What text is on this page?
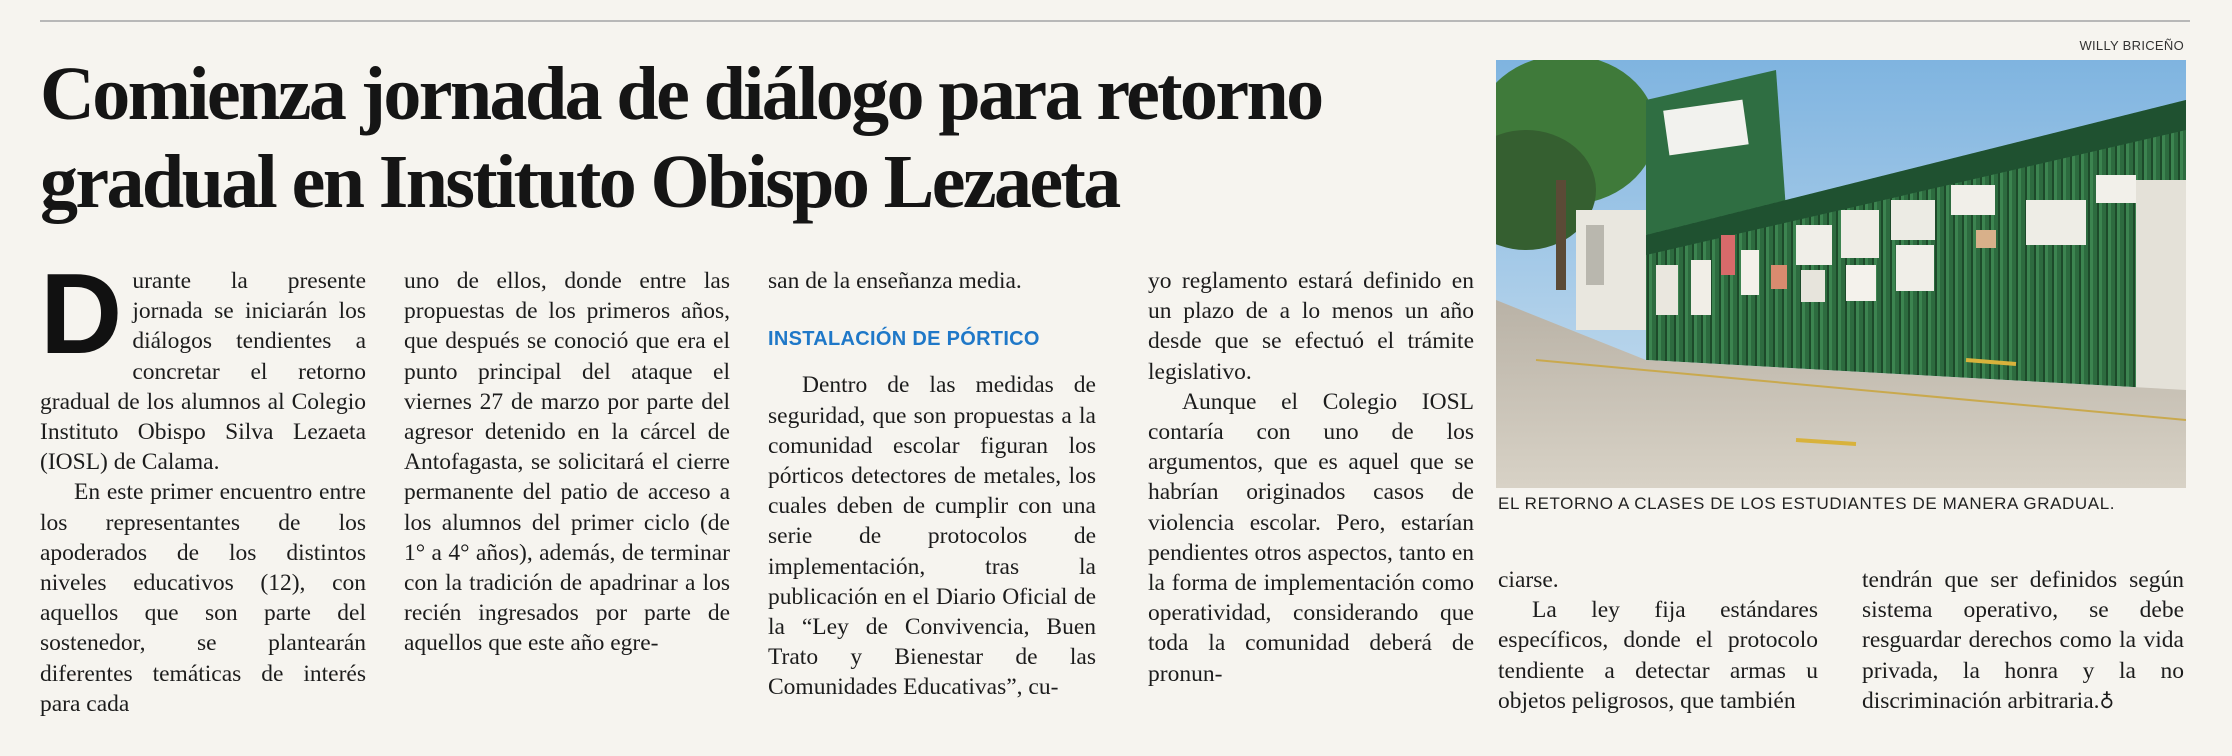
Comienza jornada de diálogo para retorno
gradual en Instituto Obispo Lezaeta
WILLY BRICEÑO
EL RETORNO A CLASES DE LOS ESTUDIANTES DE MANERA GRADUAL.
D urante la presente jornada se iniciarán los diálogos tendientes a concretar el retorno gradual de los alumnos al Colegio Instituto Obispo Silva Lezaeta (IOSL) de Calama.

En este primer encuentro entre los representantes de los apoderados de los distintos niveles educativos (12), con aquellos que son parte del sostenedor, se plantearán diferentes temáticas de interés para cada

uno de ellos, donde entre las propuestas de los primeros años, que después se conoció que era el punto principal del ataque el viernes 27 de marzo por parte del agresor detenido en la cárcel de Antofagasta, se solicitará el cierre permanente del patio de acceso a los alumnos del primer ciclo (de 1° a 4° años), además, de terminar con la tradición de apadrinar a los recién ingresados por parte de aquellos que este año egre-

san de la enseñanza media.

INSTALACIÓN DE PÓRTICO

Dentro de las medidas de seguridad, que son propuestas a la comunidad escolar figuran los pórticos detectores de metales, los cuales deben de cumplir con una serie de protocolos de implementación, tras la publicación en el Diario Oficial de la “Ley de Convivencia, Buen Trato y Bienestar de las Comunidades Educativas”, cu-

yo reglamento estará definido en un plazo de a lo menos un año desde que se efectuó el trámite legislativo.

Aunque el Colegio IOSL contaría con uno de los argumentos, que es aquel que se habrían originados casos de violencia escolar. Pero, estarían pendientes otros aspectos, tanto en la forma de implementación como operatividad, considerando que toda la comunidad deberá de pronun-

ciarse.

La ley fija estándares específicos, donde el protocolo tendiente a detectar armas u objetos peligrosos, que también

tendrán que ser definidos según sistema operativo, se debe resguardar derechos como la vida privada, la honra y la no discriminación arbitraria.♁
